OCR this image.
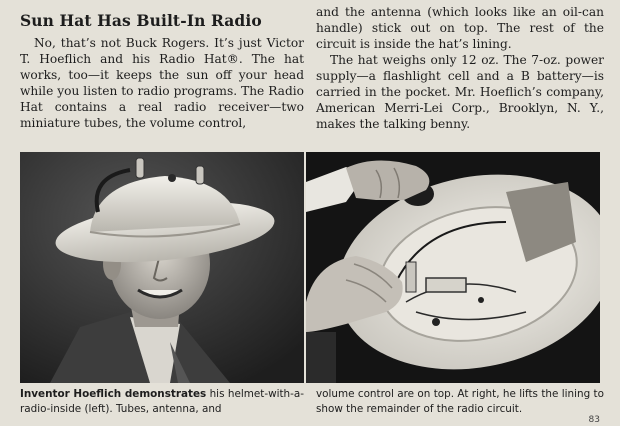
Sun Hat Has Built-In Radio

No, that’s not Buck Rogers. It’s just Victor T. Hoeflich and his Radio Hat®. The hat works, too—it keeps the sun off your head while you listen to radio programs. The Radio Hat contains a real radio receiver—two miniature tubes, the volume control,

and the antenna (which looks like an oil-can handle) stick out on top. The rest of the circuit is inside the hat’s lining.

The hat weighs only 12 oz. The 7-oz. power supply—a flashlight cell and a B battery—is carried in the pocket. Mr. Hoeflich’s company, American Merri-Lei Corp., Brooklyn, N. Y., makes the talking benny.

Inventor Hoeflich demonstrates his helmet-with-a-radio-inside (left). Tubes, antenna, and

volume control are on top. At right, he lifts the lining to show the remainder of the radio circuit.

83
